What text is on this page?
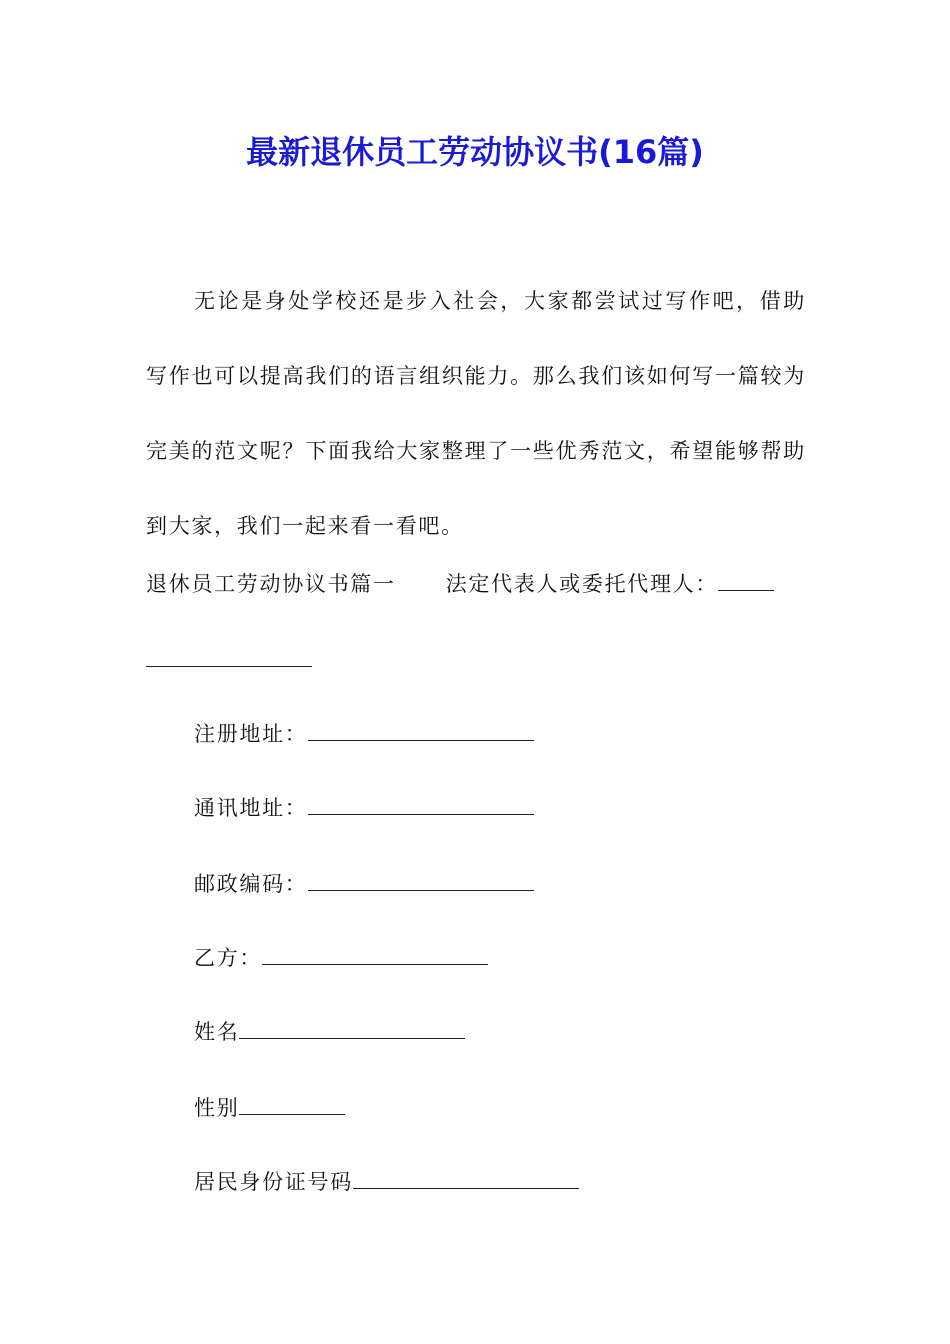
最新退休员工劳动协议书(16篇)
无论是身处学校还是步入社会，大家都尝试过写作吧，借助写作也可以提高我们的语言组织能力。那么我们该如何写一篇较为完美的范文呢？下面我给大家整理了一些优秀范文，希望能够帮助到大家，我们一起来看一看吧。
退休员工劳动协议书篇一 法定代表人或委托代理人：
注册地址：
通讯地址：
邮政编码：
乙方：
姓名
性别
居民身份证号码
